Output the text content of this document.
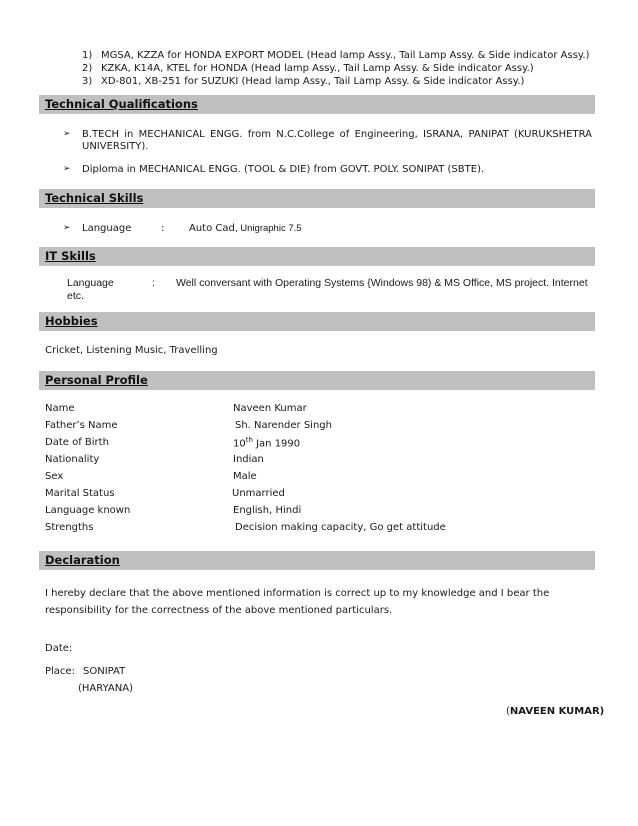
1) MGSA, KZZA for HONDA EXPORT MODEL (Head lamp Assy., Tail Lamp Assy. & Side indicator Assy.)
2) KZKA, K14A, KTEL for HONDA (Head lamp Assy., Tail Lamp Assy. & Side indicator Assy.)
3) XD-801, XB-251 for SUZUKI (Head lamp Assy., Tail Lamp Assy. & Side indicator Assy.)
Technical Qualifications
➢ B.TECH in MECHANICAL ENGG. from N.C.College of Engineering, ISRANA, PANIPAT (KURUKSHETRA UNIVERSITY).
➢ Diploma in MECHANICAL ENGG. (TOOL & DIE) from GOVT. POLY. SONIPAT (SBTE).
Technical Skills
➢ Language	: Auto Cad , Unigraphic 7.5
IT Skills
Language	: Well conversant with Operating Systems {Windows 98) & MS Office, MS project. Internet
etc.
Hobbies
Cricket, Listening Music, Travelling
Personal Profile
Name	Naveen Kumar
Father’s Name	Sh. Narender Singh
Date of Birth	10th Jan 1990
Nationality	Indian
Sex	Male
Marital Status	Unmarried
Language known	English, Hindi
Strengths	Decision making capacity, Go get attitude
Declaration
I hereby declare that the above mentioned information is correct up to my knowledge and I bear the responsibility for the correctness of the above mentioned particulars.
Date:
Place: SONIPAT
(HARYANA)
(NAVEEN KUMAR)
